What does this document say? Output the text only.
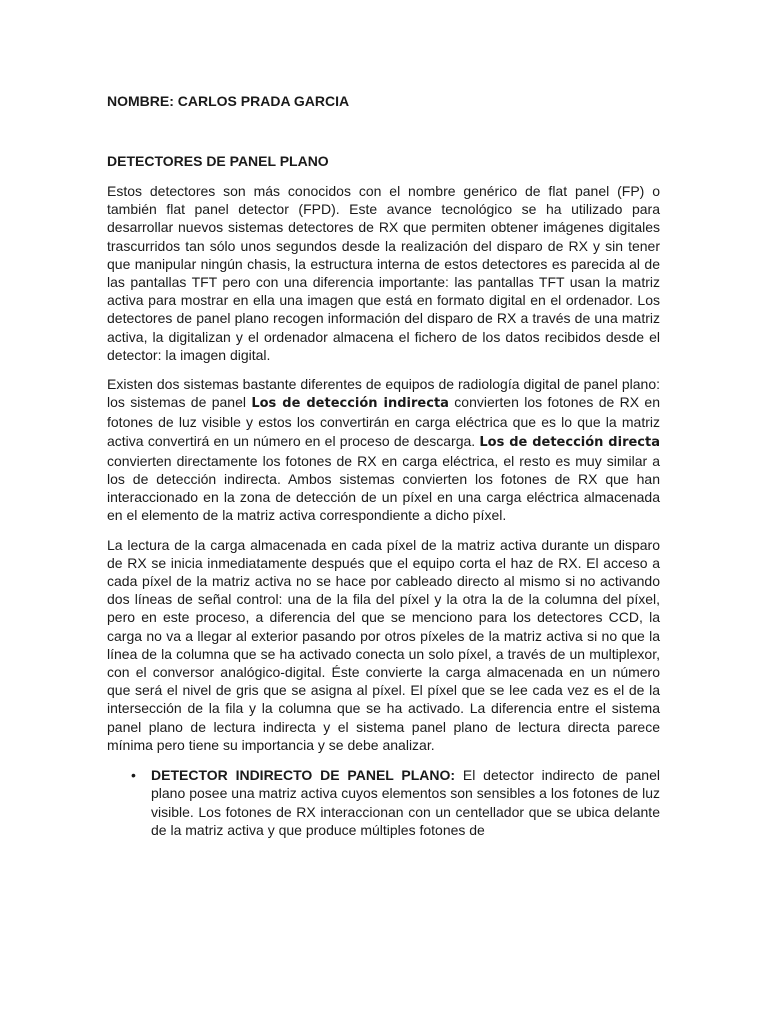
NOMBRE: CARLOS PRADA GARCIA
DETECTORES DE PANEL PLANO

Estos detectores son más conocidos con el nombre genérico de flat panel (FP) o también flat panel detector (FPD). Este avance tecnológico se ha utilizado para desarrollar nuevos sistemas detectores de RX que permiten obtener imágenes digitales trascurridos tan sólo unos segundos desde la realización del disparo de RX y sin tener que manipular ningún chasis, la estructura interna de estos detectores es parecida al de las pantallas TFT pero con una diferencia importante: las pantallas TFT usan la matriz activa para mostrar en ella una imagen que está en formato digital en el ordenador. Los detectores de panel plano recogen información del disparo de RX a través de una matriz activa, la digitalizan y el ordenador almacena el fichero de los datos recibidos desde el detector: la imagen digital.

Existen dos sistemas bastante diferentes de equipos de radiología digital de panel plano: los sistemas de panel Los de detección indirecta convierten los fotones de RX en fotones de luz visible y estos los convertirán en carga eléctrica que es lo que la matriz activa convertirá en un número en el proceso de descarga. Los de detección directa convierten directamente los fotones de RX en carga eléctrica, el resto es muy similar a los de detección indirecta. Ambos sistemas convierten los fotones de RX que han interaccionado en la zona de detección de un píxel en una carga eléctrica almacenada en el elemento de la matriz activa correspondiente a dicho píxel.

La lectura de la carga almacenada en cada píxel de la matriz activa durante un disparo de RX se inicia inmediatamente después que el equipo corta el haz de RX. El acceso a cada píxel de la matriz activa no se hace por cableado directo al mismo si no activando dos líneas de señal control: una de la fila del píxel y la otra la de la columna del píxel, pero en este proceso, a diferencia del que se menciono para los detectores CCD, la carga no va a llegar al exterior pasando por otros píxeles de la matriz activa si no que la línea de la columna que se ha activado conecta un solo píxel, a través de un multiplexor, con el conversor analógico-digital. Éste convierte la carga almacenada en un número que será el nivel de gris que se asigna al píxel. El píxel que se lee cada vez es el de la intersección de la fila y la columna que se ha activado. La diferencia entre el sistema panel plano de lectura indirecta y el sistema panel plano de lectura directa parece mínima pero tiene su importancia y se debe analizar.

• DETECTOR INDIRECTO DE PANEL PLANO: El detector indirecto de panel plano posee una matriz activa cuyos elementos son sensibles a los fotones de luz visible. Los fotones de RX interaccionan con un centellador que se ubica delante de la matriz activa y que produce múltiples fotones de
